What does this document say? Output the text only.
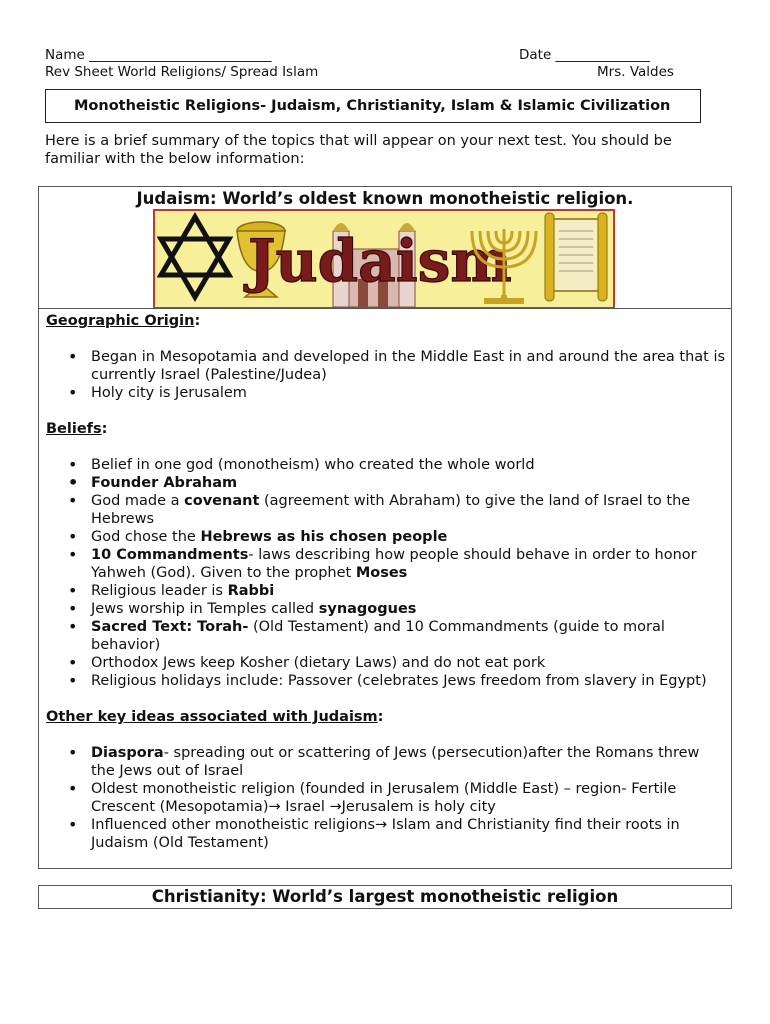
Name ___________________________	Date ______________
Rev Sheet World Religions/ Spread Islam	Mrs. Valdes
Monotheistic Religions- Judaism, Christianity, Islam & Islamic Civilization
Here is a brief summary of the topics that will appear on your next test. You should be familiar with the below information:
Judaism: World’s oldest known monotheistic religion.
Judaism
Geographic Origin:
• Began in Mesopotamia and developed in the Middle East in and around the area that is currently Israel (Palestine/Judea)
• Holy city is Jerusalem
Beliefs:
• Belief in one god (monotheism) who created the whole world
• Founder Abraham
• God made a covenant (agreement with Abraham) to give the land of Israel to the Hebrews
• God chose the Hebrews as his chosen people
• 10 Commandments- laws describing how people should behave in order to honor Yahweh (God). Given to the prophet Moses
• Religious leader is Rabbi
• Jews worship in Temples called synagogues
• Sacred Text: Torah- (Old Testament) and 10 Commandments (guide to moral behavior)
• Orthodox Jews keep Kosher (dietary Laws) and do not eat pork
• Religious holidays include: Passover (celebrates Jews freedom from slavery in Egypt)
Other key ideas associated with Judaism:
• Diaspora- spreading out or scattering of Jews (persecution)after the Romans threw the Jews out of Israel
• Oldest monotheistic religion (founded in Jerusalem (Middle East) – region- Fertile Crescent (Mesopotamia)→ Israel →Jerusalem is holy city
• Influenced other monotheistic religions→ Islam and Christianity find their roots in Judaism (Old Testament)
Christianity: World’s largest monotheistic religion
